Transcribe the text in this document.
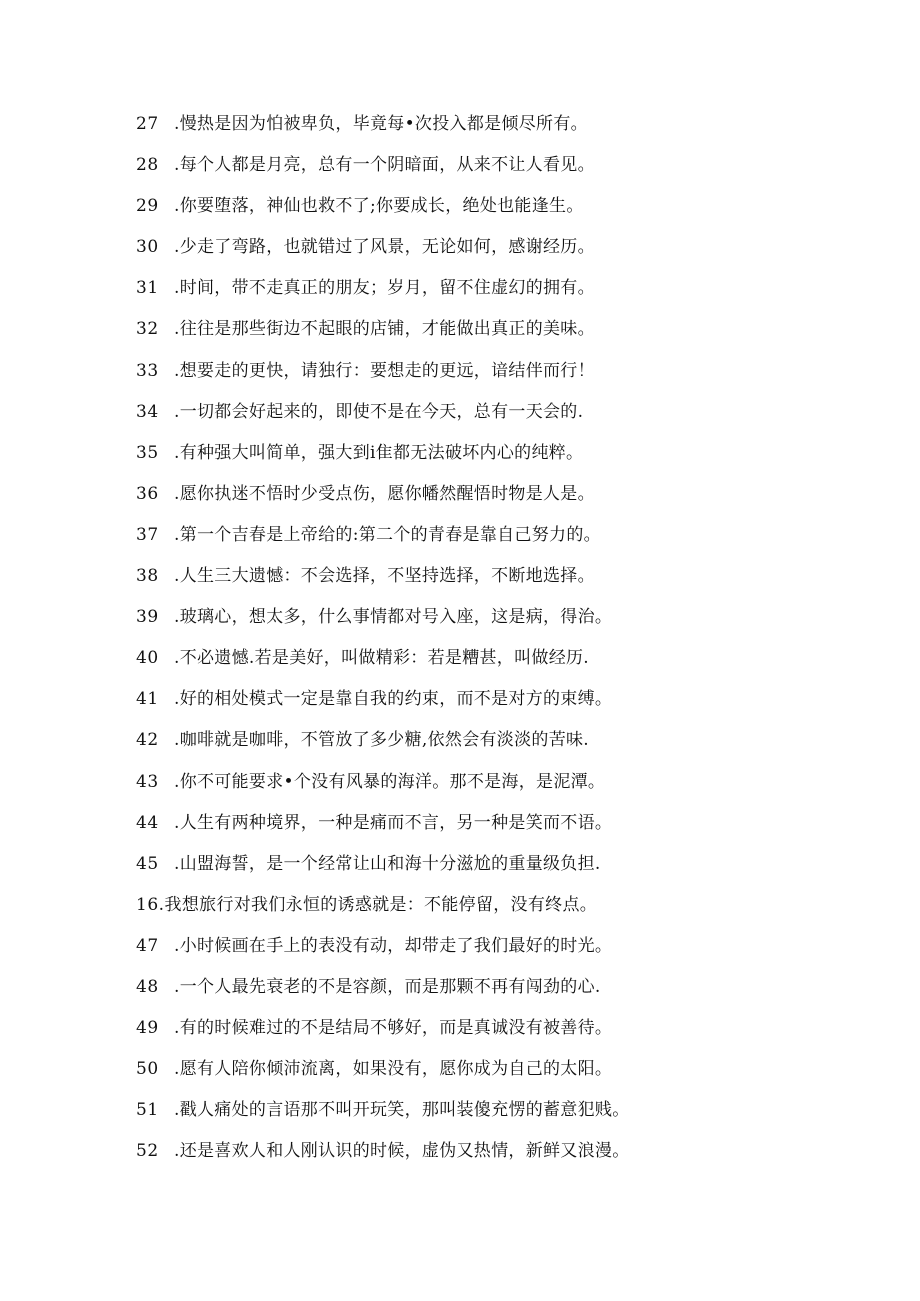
27 .慢热是因为怕被卑负，毕竟每•次投入都是倾尽所有。
28 .每个人都是月亮，总有一个阴暗面，从来不让人看见。
29 .你要堕落，神仙也救不了;你要成长，绝处也能逢生。
30 .少走了弯路，也就错过了风景，无论如何，感谢经历。
31 .时间，带不走真正的朋友；岁月，留不住虚幻的拥有。
32 .往往是那些街边不起眼的店铺，才能做出真正的美味。
33 .想要走的更快，请独行：要想走的更远，谙结伴而行！
34 .一切都会好起来的，即使不是在今天，总有一天会的.
35 .有种强大叫简单，强大到i隹都无法破坏内心的纯粹。
36 .愿你执迷不悟时少受点伤，愿你幡然醒悟时物是人是。
37 .第一个吉春是上帝给的:第二个的青春是靠自己努力的。
38 .人生三大遗憾：不会选择，不坚持选择，不断地选择。
39 .玻璃心，想太多，什么事情都对号入座，这是病，得治。
40 .不必遗憾.若是美好，叫做精彩：若是糟甚，叫做经历.
41 .好的相处模式一定是靠自我的约束，而不是对方的束缚。
42 .咖啡就是咖啡，不管放了多少糖,依然会有淡淡的苦味.
43 .你不可能要求•个没有风暴的海洋。那不是海，是泥潭。
44 .人生有两种境界，一种是痛而不言，另一种是笑而不语。
45 .山盟海誓，是一个经常让山和海十分滋尬的重量级负担.
16. 我想旅行对我们永恒的诱惑就是：不能停留，没有终点。
47 .小时候画在手上的表没有动，却带走了我们最好的时光。
48 .一个人最先衰老的不是容颜，而是那颗不再有闯劲的心.
49 .有的时候难过的不是结局不够好，而是真诚没有被善待。
50 .愿有人陪你倾沛流离，如果没有，愿你成为自己的太阳。
51 .戳人痛处的言语那不叫开玩笑，那叫装傻充愣的蓄意犯贱。
52 .还是喜欢人和人刚认识的时候，虚伪又热情，新鲜又浪漫。
